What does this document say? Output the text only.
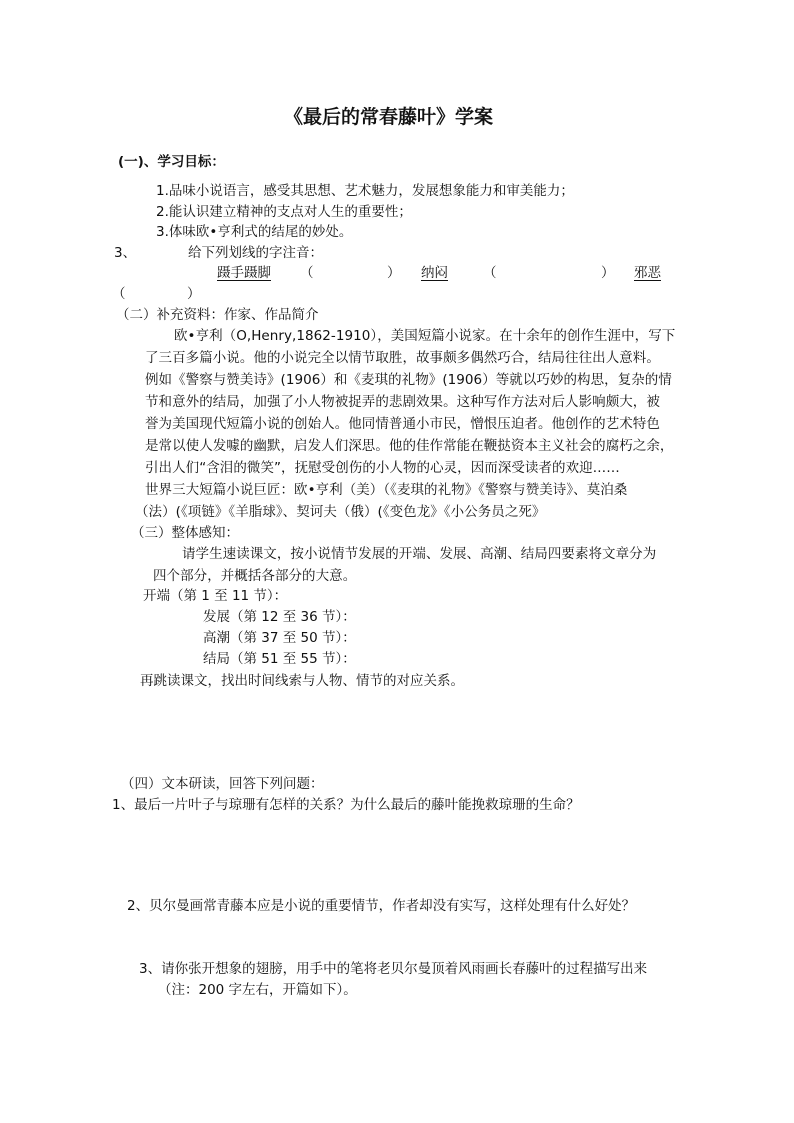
《最后的常春藤叶》学案
(一)、学习目标：
1.品味小说语言，感受其思想、艺术魅力，发展想象能力和审美能力；
2.能认识建立精神的支点对人生的重要性；
3.体味欧•亨利式的结尾的妙处。
3、	给下列划线的字注音：
蹑手蹑脚 （	） 纳闷	（	）	邪恶
（	）
（二）补充资料：作家、作品简介
欧•亨利（O,Henry,1862-1910），美国短篇小说家。在十余年的创作生涯中，写下
了三百多篇小说。他的小说完全以情节取胜，故事颇多偶然巧合，结局往往出人意料。
例如《警察与赞美诗》(1906）和《麦琪的礼物》(1906）等就以巧妙的构思，复杂的情
节和意外的结局，加强了小人物被捉弄的悲剧效果。这种写作方法对后人影响颇大，被
誉为美国现代短篇小说的创始人。他同情普通小市民，憎恨压迫者。他创作的艺术特色
是常以使人发噱的幽默，启发人们深思。他的佳作常能在鞭挞资本主义社会的腐朽之余，
引出人们“含泪的微笑”，抚慰受创伤的小人物的心灵，因而深受读者的欢迎……
世界三大短篇小说巨匠：欧•亨利（美）（《麦琪的礼物》《警察与赞美诗》、莫泊桑
（法）(《项链》《羊脂球》、契诃夫（俄）(《变色龙》《小公务员之死》
（三）整体感知：
请学生速读课文，按小说情节发展的开端、发展、高潮、结局四要素将文章分为
四个部分，并概括各部分的大意。
开端（第 1 至 11 节）：
发展（第 12 至 36 节）：
高潮（第 37 至 50 节）：
结局（第 51 至 55 节）：
再跳读课文，找出时间线索与人物、情节的对应关系。
（四）文本研读，回答下列问题：
1、最后一片叶子与琼珊有怎样的关系？为什么最后的藤叶能挽救琼珊的生命？
2、贝尔曼画常青藤本应是小说的重要情节，作者却没有实写，这样处理有什么好处？
3、请你张开想象的翅膀，用手中的笔将老贝尔曼顶着风雨画长春藤叶的过程描写出来
（注：200 字左右，开篇如下）。
